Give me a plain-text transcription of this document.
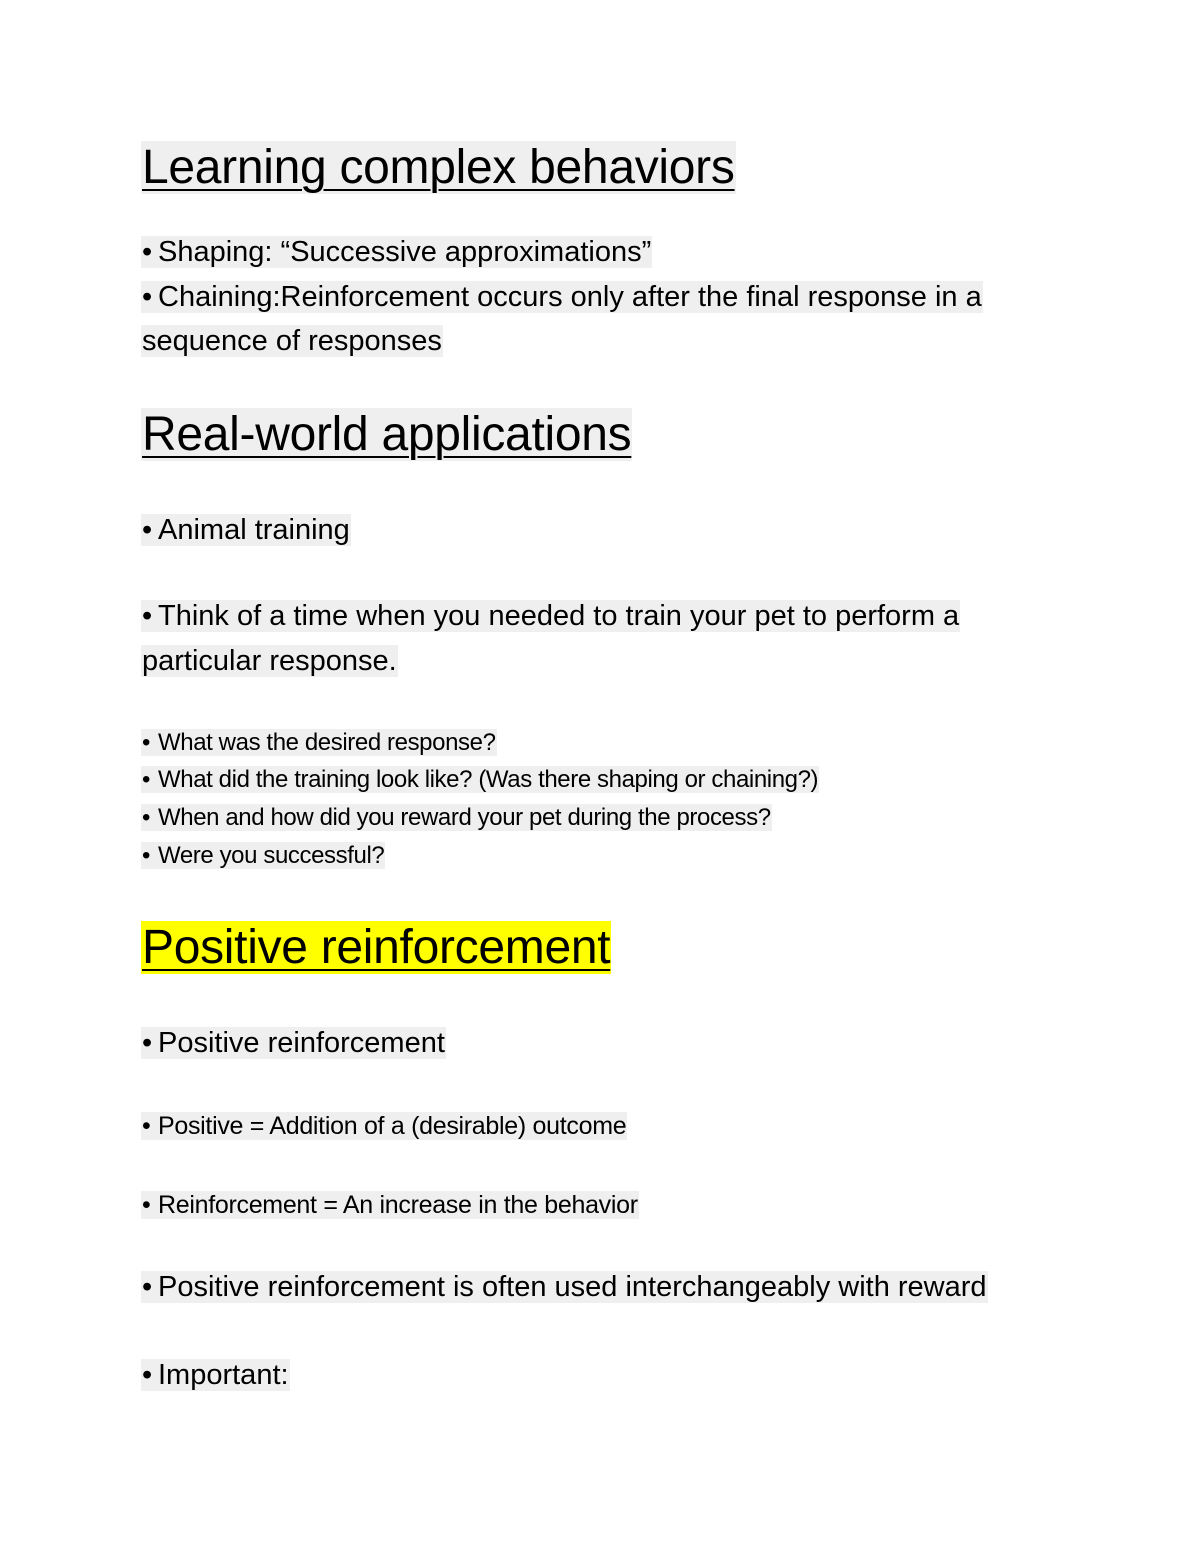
Learning complex behaviors
• Shaping: “Successive approximations”
• Chaining:Reinforcement occurs only after the final response in a
sequence of responses
Real-world applications
• Animal training
• Think of a time when you needed to train your pet to perform a
particular response.
• What was the desired response?
• What did the training look like? (Was there shaping or chaining?)
• When and how did you reward your pet during the process?
• Were you successful?
Positive reinforcement
• Positive reinforcement
• Positive = Addition of a (desirable) outcome
• Reinforcement = An increase in the behavior
• Positive reinforcement is often used interchangeably with reward
• Important:
